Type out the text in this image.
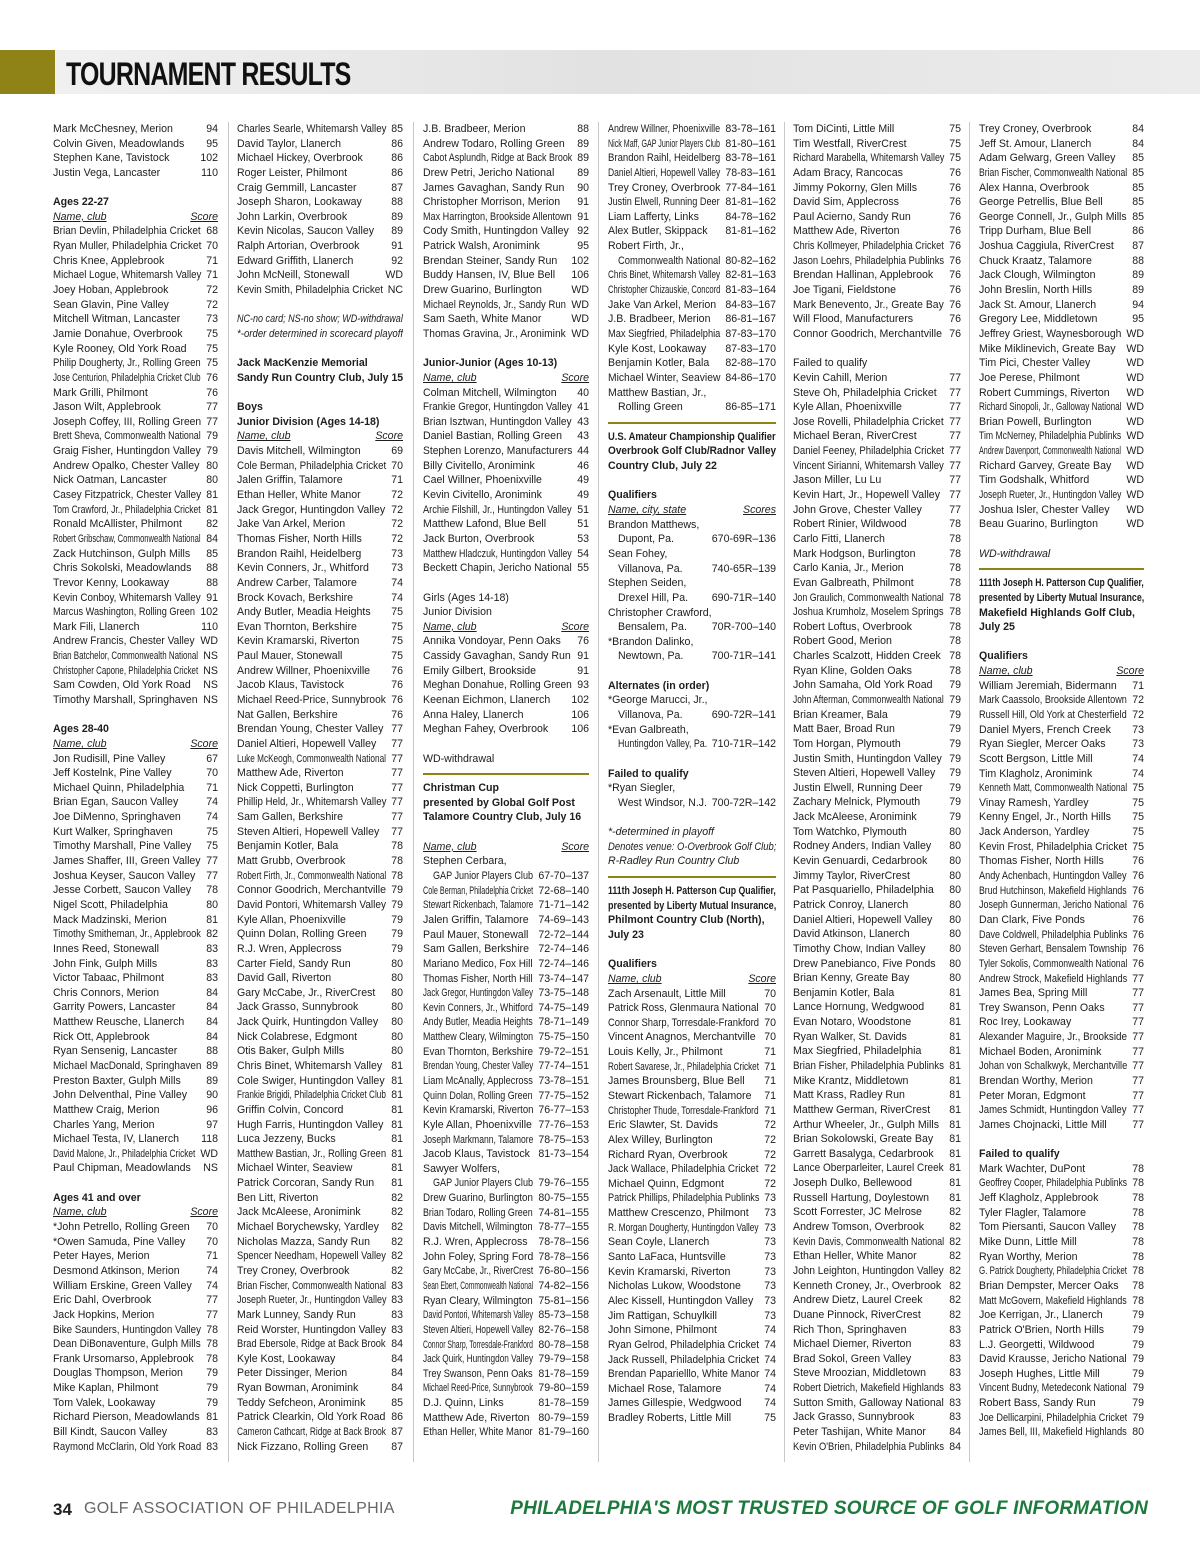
TOURNAMENT RESULTS
Mark McChesney, Merion	94
Colvin Given, Meadowlands 95
Stephen Kane, Tavistock	102
Justin Vega, Lancaster	110
Ages 22-27
Name, club	Score
Brian Devlin, Philadelphia Cricket 68
Ryan Muller, Philadelphia Cricket 70
Chris Knee, Applebrook	71
Michael Logue, Whitemarsh Valley 71
Joey Hoban, Applebrook	72
Sean Glavin, Pine Valley	72
Mitchell Witman, Lancaster 73
Jamie Donahue, Overbrook 75
Kyle Rooney, Old York Road 75
Philip Dougherty, Jr., Rolling Green 75
Jose Centurion, Philadelphia Cricket Club 76
Mark Grilli, Philmont	76
Jason Wilt, Applebrook	77
Joseph Coffey, III, Rolling Green 77
Brett Sheva, Commonwealth National 79
Graig Fisher, Huntingdon Valley 79
Andrew Opalko, Chester Valley 80
Nick Oatman, Lancaster	80
Casey Fitzpatrick, Chester Valley 81
Tom Crawford, Jr., Philadelphia Cricket 81
Ronald McAllister, Philmont 82
Robert Gribschaw, Commonwealth National 84
Zack Hutchinson, Gulph Mills 85
Chris Sokolski, Meadowlands 88
Trevor Kenny, Lookaway	88
Kevin Conboy, Whitemarsh Valley 91
Marcus Washington, Rolling Green 102
Mark Fili, Llanerch	110
Andrew Francis, Chester Valley WD
Brian Batchelor, Commonwealth National NS
Christopher Capone, Philadelphia Cricket NS
Sam Cowden, Old York Road NS
Timothy Marshall, Springhaven NS
Ages 28-40
Name, club	Score
Jon Rudisill, Pine Valley	67
Jeff Kostelnk, Pine Valley	70
Michael Quinn, Philadelphia 71
Brian Egan, Saucon Valley	74
Joe DiMenno, Springhaven 74
Kurt Walker, Springhaven	75
Timothy Marshall, Pine Valley 75
James Shaffer, III, Green Valley 77
Joshua Keyser, Saucon Valley 77
Jesse Corbett, Saucon Valley 78
Nigel Scott, Philadelphia	80
Mack Madzinski, Merion	81
Timothy Smitheman, Jr., Applebrook 82
Innes Reed, Stonewall	83
John Fink, Gulph Mills	83
Victor Tabaac, Philmont	83
Chris Connors, Merion	84
Garrity Powers, Lancaster	84
Matthew Reusche, Llanerch 84
Rick Ott, Applebrook	84
Ryan Sensenig, Lancaster	88
Michael MacDonald, Springhaven 89
Preston Baxter, Gulph Mills 89
John Delventhal, Pine Valley 90
Matthew Craig, Merion	96
Charles Yang, Merion	97
Michael Testa, IV, Llanerch 118
David Malone, Jr., Philadelphia Cricket WD
Paul Chipman, Meadowlands NS
Ages 41 and over
Name, club	Score
*John Petrello, Rolling Green 70
*Owen Samuda, Pine Valley 70
Peter Hayes, Merion	71
Desmond Atkinson, Merion	74
William Erskine, Green Valley 74
Eric Dahl, Overbrook	77
Jack Hopkins, Merion	77
Bike Saunders, Huntingdon Valley 78
Dean DiBonaventure, Gulph Mills 78
Frank Ursomarso, Applebrook 78
Douglas Thompson, Merion 79
Mike Kaplan, Philmont	79
Tom Valek, Lookaway	79
Richard Pierson, Meadowlands 81
Bill Kindt, Saucon Valley	83
Raymond McClarin, Old York Road 83
Charles Searle, Whitemarsh Valley 85
David Taylor, Llanerch	86
Michael Hickey, Overbrook	86
Roger Leister, Philmont	86
Craig Gemmill, Lancaster	87
Joseph Sharon, Lookaway	88
John Larkin, Overbrook	89
Kevin Nicolas, Saucon Valley 89
Ralph Artorian, Overbrook	91
Edward Griffith, Llanerch	92
John McNeill, Stonewall	WD
Kevin Smith, Philadelphia Cricket NC
NC-no card; NS-no show; WD-withdrawal
*-order determined in scorecard playoff
Jack MacKenzie Memorial
Sandy Run Country Club, July 15
Boys
Junior Division (Ages 14-18)
Name, club	Score
Davis Mitchell, Wilmington	69
Cole Berman, Philadelphia Cricket 70
Jalen Griffin, Talamore	71
Ethan Heller, White Manor	72
Jack Gregor, Huntingdon Valley 72
Jake Van Arkel, Merion	72
Thomas Fisher, North Hills	72
Brandon Raihl, Heidelberg	73
Kevin Conners, Jr., Whitford 73
Andrew Carber, Talamore	74
Brock Kovach, Berkshire	74
Andy Butler, Meadia Heights 75
Evan Thornton, Berkshire	75
Kevin Kramarski, Riverton	75
Paul Mauer, Stonewall	75
Andrew Willner, Phoenixville 76
Jacob Klaus, Tavistock	76
Michael Reed-Price, Sunnybrook 76
Nat Gallen, Berkshire	76
Brendan Young, Chester Valley 77
Daniel Altieri, Hopewell Valley 77
Luke McKeogh, Commonwealth National 77
Matthew Ade, Riverton	77
Nick Coppetti, Burlington	77
Phillip Held, Jr., Whitemarsh Valley 77
Sam Gallen, Berkshire	77
Steven Altieri, Hopewell Valley 77
Benjamin Kotler, Bala	78
Matt Grubb, Overbrook	78
Robert Firth, Jr., Commonwealth National 78
Connor Goodrich, Merchantville 79
David Pontori, Whitemarsh Valley 79
Kyle Allan, Phoenixville	79
Quinn Dolan, Rolling Green 79
R.J. Wren, Applecross	79
Carter Field, Sandy Run	80
David Gall, Riverton	80
Gary McCabe, Jr., RiverCrest 80
Jack Grasso, Sunnybrook	80
Jack Quirk, Huntingdon Valley 80
Nick Colabrese, Edgmont	80
Otis Baker, Gulph Mills	80
Chris Binet, Whitemarsh Valley 81
Cole Swiger, Huntingdon Valley 81
Frankie Brigidi, Philadelphia Cricket Club 81
Griffin Colvin, Concord	81
Hugh Farris, Huntingdon Valley 81
Luca Jezzeny, Bucks	81
Matthew Bastian, Jr., Rolling Green 81
Michael Winter, Seaview	81
Patrick Corcoran, Sandy Run 81
Ben Litt, Riverton	82
Jack McAleese, Aronimink	82
Michael Borychewsky, Yardley 82
Nicholas Mazza, Sandy Run 82
Spencer Needham, Hopewell Valley 82
Trey Croney, Overbrook	82
Brian Fischer, Commonwealth National 83
Joseph Rueter, Jr., Huntingdon Valley 83
Mark Lunney, Sandy Run	83
Reid Worster, Huntingdon Valley 83
Brad Ebersole, Ridge at Back Brook 84
Kyle Kost, Lookaway	84
Peter Dissinger, Merion	84
Ryan Bowman, Aronimink	84
Teddy Sefcheon, Aronimink 85
Patrick Clearkin, Old York Road 86
Cameron Cathcart, Ridge at Back Brook 87
Nick Fizzano, Rolling Green 87
J.B. Bradbeer, Merion	88
Andrew Todaro, Rolling Green 89
Cabot Asplundh, Ridge at Back Brook 89
Drew Petri, Jericho National 89
James Gavaghan, Sandy Run 90
Christopher Morrison, Merion 91
Max Harrington, Brookside Allentown 91
Cody Smith, Huntingdon Valley 92
Patrick Walsh, Aronimink	95
Brendan Steiner, Sandy Run 102
Buddy Hansen, IV, Blue Bell 106
Drew Guarino, Burlington	WD
Michael Reynolds, Jr., Sandy Run WD
Sam Saeth, White Manor	WD
Thomas Gravina, Jr., Aronimink WD
Junior-Junior (Ages 10-13)
Name, club	Score
Colman Mitchell, Wilmington 40
Frankie Gregor, Huntingdon Valley 41
Brian Isztwan, Huntingdon Valley 43
Daniel Bastian, Rolling Green 43
Stephen Lorenzo, Manufacturers 44
Billy Civitello, Aronimink	46
Cael Willner, Phoenixville	49
Kevin Civitello, Aronimink	49
Archie Filshill, Jr., Huntingdon Valley 51
Matthew Lafond, Blue Bell	51
Jack Burton, Overbrook	53
Matthew Hladczuk, Huntingdon Valley 54
Beckett Chapin, Jericho National 55
Girls (Ages 14-18)
Junior Division
Name, club	Score
Annika Vondoyar, Penn Oaks 76
Cassidy Gavaghan, Sandy Run 91
Emily Gilbert, Brookside	91
Meghan Donahue, Rolling Green 93
Keenan Eichmon, Llanerch 102
Anna Haley, Llanerch	106
Meghan Fahey, Overbrook 106
WD-withdrawal
Christman Cup
presented by Global Golf Post
Talamore Country Club, July 16
Name, club	Score
Stephen Cerbara,
GAP Junior Players Club 67-70–137
Cole Berman, Philadelphia Cricket 72-68–140
Stewart Rickenbach, Talamore 71-71–142
Jalen Griffin, Talamore 74-69–143
Paul Mauer, Stonewall 72-72–144
Sam Gallen, Berkshire 72-74–146
Mariano Medico, Fox Hill 72-74–146
Thomas Fisher, North Hill 73-74–147
Jack Gregor, Huntingdon Valley 73-75–148
Kevin Conners, Jr., Whitford 74-75–149
Andy Butler, Meadia Heights 78-71–149
Matthew Cleary, Wilmington 75-75–150
Evan Thornton, Berkshire 79-72–151
Brendan Young, Chester Valley 77-74–151
Liam McAnally, Applecross 73-78–151
Quinn Dolan, Rolling Green 77-75–152
Kevin Kramarski, Riverton 76-77–153
Kyle Allan, Phoenixville 77-76–153
Joseph Markmann, Talamore 78-75–153
Jacob Klaus, Tavistock 81-73–154
Sawyer Wolfers,
GAP Junior Players Club 79-76–155
Drew Guarino, Burlington 80-75–155
Brian Todaro, Rolling Green 74-81–155
Davis Mitchell, Wilmington 78-77–155
R.J. Wren, Applecross 78-78–156
John Foley, Spring Ford 78-78–156
Gary McCabe, Jr., RiverCrest 76-80–156
Sean Ebert, Commonwealth National 74-82–156
Ryan Cleary, Wilmington 75-81–156
David Pontori, Whitemarsh Valley 85-73–158
Steven Altieri, Hopewell Valley 82-76–158
Connor Sharp, Torresdale-Frankford 80-78–158
Jack Quirk, Huntingdon Valley 79-79–158
Trey Swanson, Penn Oaks 81-78–159
Michael Reed-Price, Sunnybrook 79-80–159
D.J. Quinn, Links	81-78–159
Matthew Ade, Riverton 80-79–159
Ethan Heller, White Manor 81-79–160
Andrew Willner, Phoenixville 83-78–161
Nick Maff, GAP Junior Players Club 81-80–161
Brandon Raihl, Heidelberg 83-78–161
Daniel Altieri, Hopewell Valley 78-83–161
Trey Croney, Overbrook 77-84–161
Justin Elwell, Running Deer 81-81–162
Liam Lafferty, Links 84-78–162
Alex Butler, Skippack 81-81–162
Robert Firth, Jr.,
Commonwealth National 80-82–162
Chris Binet, Whitemarsh Valley 82-81–163
Christopher Chizauskie, Concord 81-83–164
Jake Van Arkel, Merion 84-83–167
J.B. Bradbeer, Merion 86-81–167
Max Siegfried, Philadelphia 87-83–170
Kyle Kost, Lookaway 87-83–170
Benjamin Kotler, Bala 82-88–170
Michael Winter, Seaview 84-86–170
Matthew Bastian, Jr.,
Rolling Green	86-85–171
U.S. Amateur Championship Qualifier
Overbrook Golf Club/Radnor Valley
Country Club, July 22
Qualifiers
Name, city, state	Scores
Brandon Matthews,
Dupont, Pa.	670-69R–136
Sean Fohey,
Villanova, Pa.	740-65R–139
Stephen Seiden,
Drexel Hill, Pa. 690-71R–140
Christopher Crawford,
Bensalem, Pa. 70R-700–140
*Brandon Dalinko,
Newtown, Pa.	700-71R–141
Alternates (in order)
*George Marucci, Jr.,
Villanova, Pa.	690-72R–141
*Evan Galbreath,
Huntingdon Valley, Pa. 710-71R–142
Failed to qualify
*Ryan Siegler,
West Windsor, N.J. 700-72R–142
*-determined in playoff
Denotes venue: O-Overbrook Golf Club;
R-Radley Run Country Club
111th Joseph H. Patterson Cup Qualifier,
presented by Liberty Mutual Insurance,
Philmont Country Club (North),
July 23
Qualifiers
Name, club	Score
Zach Arsenault, Little Mill	70
Patrick Ross, Glenmaura National 70
Connor Sharp, Torresdale-Frankford 70
Vincent Anagnos, Merchantville 70
Louis Kelly, Jr., Philmont	71
Robert Savarese, Jr., Philadelphia Cricket 71
James Brounsberg, Blue Bell 71
Stewart Rickenbach, Talamore 71
Christopher Thude, Torresdale-Frankford 71
Eric Slawter, St. Davids	72
Alex Willey, Burlington	72
Richard Ryan, Overbrook	72
Jack Wallace, Philadelphia Cricket 72
Michael Quinn, Edgmont	72
Patrick Phillips, Philadelphia Publinks 73
Matthew Crescenzo, Philmont 73
R. Morgan Dougherty, Huntingdon Valley 73
Sean Coyle, Llanerch	73
Santo LaFaca, Huntsville	73
Kevin Kramarski, Riverton	73
Nicholas Lukow, Woodstone 73
Alec Kissell, Huntingdon Valley 73
Jim Rattigan, Schuylkill	73
John Simone, Philmont	74
Ryan Gelrod, Philadelphia Cricket 74
Jack Russell, Philadelphia Cricket 74
Brendan Paparielllo, White Manor 74
Michael Rose, Talamore	74
James Gillespie, Wedgwood 74
Bradley Roberts, Little Mill	75
Tom DiCinti, Little Mill	75
Tim Westfall, RiverCrest	75
Richard Marabella, Whitemarsh Valley 75
Adam Bracy, Rancocas	76
Jimmy Pokorny, Glen Mills	76
David Sim, Applecross	76
Paul Acierno, Sandy Run	76
Matthew Ade, Riverton	76
Chris Kollmeyer, Philadelphia Cricket 76
Jason Loehrs, Philadelphia Publinks 76
Brendan Hallinan, Applebrook 76
Joe Tigani, Fieldstone	76
Mark Benevento, Jr., Greate Bay 76
Will Flood, Manufacturers	76
Connor Goodrich, Merchantville 76
Failed to qualify
Kevin Cahill, Merion	77
Steve Oh, Philadelphia Cricket 77
Kyle Allan, Phoenixville	77
Jose Rovelli, Philadelphia Cricket 77
Michael Beran, RiverCrest	77
Daniel Feeney, Philadelphia Cricket 77
Vincent Sirianni, Whitemarsh Valley 77
Jason Miller, Lu Lu	77
Kevin Hart, Jr., Hopewell Valley 77
John Grove, Chester Valley	77
Robert Rinier, Wildwood	78
Carlo Fitti, Llanerch	78
Mark Hodgson, Burlington	78
Carlo Kania, Jr., Merion	78
Evan Galbreath, Philmont	78
Jon Graulich, Commonwealth National 78
Joshua Krumholz, Moselem Springs 78
Robert Loftus, Overbrook	78
Robert Good, Merion	78
Charles Scalzott, Hidden Creek 78
Ryan Kline, Golden Oaks	78
John Samaha, Old York Road 79
John Afterman, Commonwealth National 79
Brian Kreamer, Bala	79
Matt Baer, Broad Run	79
Tom Horgan, Plymouth	79
Justin Smith, Huntingdon Valley 79
Steven Altieri, Hopewell Valley 79
Justin Elwell, Running Deer	79
Zachary Melnick, Plymouth	79
Jack McAleese, Aronimink	79
Tom Watchko, Plymouth	80
Rodney Anders, Indian Valley 80
Kevin Genuardi, Cedarbrook 80
Jimmy Taylor, RiverCrest	80
Pat Pasquariello, Philadelphia 80
Patrick Conroy, Llanerch	80
Daniel Altieri, Hopewell Valley 80
David Atkinson, Llanerch	80
Timothy Chow, Indian Valley 80
Drew Panebianco, Five Ponds 80
Brian Kenny, Greate Bay	80
Benjamin Kotler, Bala	81
Lance Hornung, Wedgwood 81
Evan Notaro, Woodstone	81
Ryan Walker, St. Davids	81
Max Siegfried, Philadelphia	81
Brian Fisher, Philadelphia Publinks 81
Mike Krantz, Middletown	81
Matt Krass, Radley Run	81
Matthew German, RiverCrest 81
Arthur Wheeler, Jr., Gulph Mills 81
Brian Sokolowski, Greate Bay 81
Garrett Basalyga, Cedarbrook 81
Lance Oberparleiter, Laurel Creek 81
Joseph Dulko, Bellewood	81
Russell Hartung, Doylestown 81
Scott Forrester, JC Melrose	82
Andrew Tomson, Overbrook 82
Kevin Davis, Commonwealth National 82
Ethan Heller, White Manor	82
John Leighton, Huntingdon Valley 82
Kenneth Croney, Jr., Overbrook 82
Andrew Dietz, Laurel Creek	82
Duane Pinnock, RiverCrest	82
Rich Thon, Springhaven	83
Michael Diemer, Riverton	83
Brad Sokol, Green Valley	83
Steve Mroozian, Middletown 83
Robert Dietrich, Makefield Highlands 83
Sutton Smith, Galloway National 83
Jack Grasso, Sunnybrook	83
Peter Tashijan, White Manor 84
Kevin O'Brien, Philadelphia Publinks 84
Trey Croney, Overbrook	84
Jeff St. Amour, Llanerch	84
Adam Gelwarg, Green Valley 85
Brian Fischer, Commonwealth National 85
Alex Hanna, Overbrook	85
George Petrellis, Blue Bell	85
George Connell, Jr., Gulph Mills 85
Tripp Durham, Blue Bell	86
Joshua Caggiula, RiverCrest 87
Chuck Kraatz, Talamore	88
Jack Clough, Wilmington	89
John Breslin, North Hills	89
Jack St. Amour, Llanerch	94
Gregory Lee, Middletown	95
Jeffrey Griest, Waynesborough WD
Mike Miklinevich, Greate Bay WD
Tim Pici, Chester Valley	WD
Joe Perese, Philmont	WD
Robert Cummings, Riverton WD
Richard Sinopoli, Jr., Galloway National WD
Brian Powell, Burlington	WD
Tim McNerney, Philadelphia Publinks WD
Andrew Davenport, Commonwealth National WD
Richard Garvey, Greate Bay WD
Tim Godshalk, Whitford	WD
Joseph Rueter, Jr., Huntingdon Valley WD
Joshua Isler, Chester Valley WD
Beau Guarino, Burlington	WD
WD-withdrawal
111th Joseph H. Patterson Cup Qualifier,
presented by Liberty Mutual Insurance,
Makefield Highlands Golf Club,
July 25
Qualifiers
Name, club	Score
William Jeremiah, Bidermann 71
Mark Caassolo, Brookside Allentown 72
Russell Hill, Old York at Chesterfield 72
Daniel Myers, French Creek 73
Ryan Siegler, Mercer Oaks	73
Scott Bergson, Little Mill	74
Tim Klagholz, Aronimink	74
Kenneth Matt, Commonwealth National 75
Vinay Ramesh, Yardley	75
Kenny Engel, Jr., North Hills 75
Jack Anderson, Yardley	75
Kevin Frost, Philadelphia Cricket 75
Thomas Fisher, North Hills	76
Andy Achenbach, Huntingdon Valley 76
Brud Hutchinson, Makefield Highlands 76
Joseph Gunnerman, Jericho National 76
Dan Clark, Five Ponds	76
Dave Coldwell, Philadelphia Publinks 76
Steven Gerhart, Bensalem Township 76
Tyler Sokolis, Commonwealth National 76
Andrew Strock, Makefield Highlands 77
James Bea, Spring Mill	77
Trey Swanson, Penn Oaks	77
Roc Irey, Lookaway	77
Alexander Maguire, Jr., Brookside 77
Michael Boden, Aronimink	77
Johan von Schalkwyk, Merchantville 77
Brendan Worthy, Merion	77
Peter Moran, Edgmont	77
James Schmidt, Huntingdon Valley 77
James Chojnacki, Little Mill 77
Failed to qualify
Mark Wachter, DuPont	78
Geoffrey Cooper, Philadelphia Publinks 78
Jeff Klagholz, Applebrook	78
Tyler Flagler, Talamore	78
Tom Piersanti, Saucon Valley 78
Mike Dunn, Little Mill	78
Ryan Worthy, Merion	78
G. Patrick Dougherty, Philadelphia Cricket 78
Brian Dempster, Mercer Oaks 78
Matt McGovern, Makefield Highlands 78
Joe Kerrigan, Jr., Llanerch	79
Patrick O'Brien, North Hills	79
L.J. Georgetti, Wildwood	79
David Krausse, Jericho National 79
Joseph Hughes, Little Mill	79
Vincent Budny, Metedeconk National 79
Robert Bass, Sandy Run	79
Joe Dellicarpini, Philadelphia Cricket 79
James Bell, III, Makefield Highlands 80
34 GOLF ASSOCIATION OF PHILADELPHIA	PHILADELPHIA'S MOST TRUSTED SOURCE OF GOLF INFORMATION
